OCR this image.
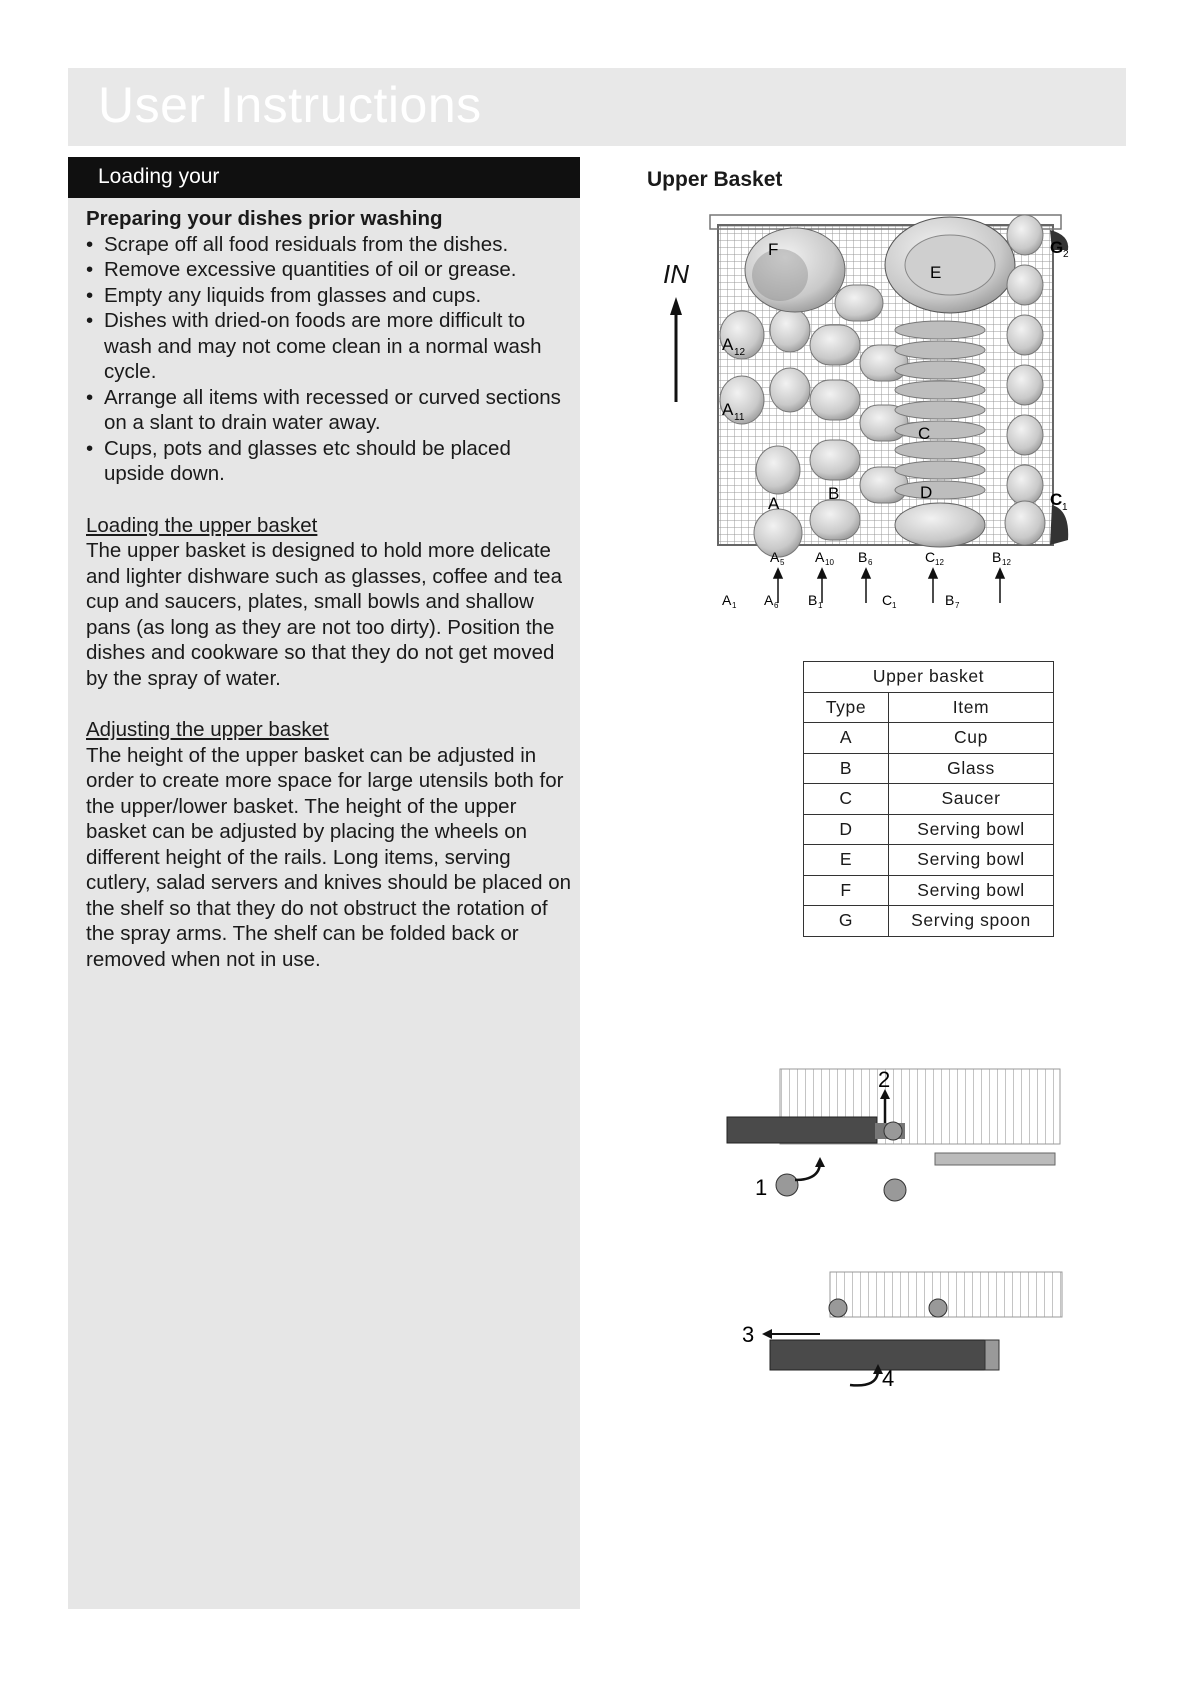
User Instructions
Loading your

Preparing your dishes prior washing

• Scrape off all food residuals from the dishes.
• Remove excessive quantities of oil or grease.
• Empty any liquids from glasses and cups.
• Dishes with dried-on foods are more difficult to wash and may not come clean in a normal wash cycle.
• Arrange all items with recessed or curved sections on a slant to drain water away.
• Cups, pots and glasses etc should be placed upside down.

Loading the upper basket

The upper basket is designed to hold more delicate and lighter dishware such as glasses, coffee and tea cup and saucers, plates, small bowls and shallow pans (as long as they are not too dirty). Position the dishes and cookware so that they do not get moved by the spray of water.

Adjusting the upper basket

The height of the upper basket can be adjusted in order to create more space for large utensils both for the upper/lower basket. The height of the upper basket can be adjusted by placing the wheels on different height of the rails. Long items, serving cutlery, salad servers and knives should be placed on the shelf so that they do not obstruct the rotation of the spray arms. The shelf can be folded back or removed when not in use.

Upper Basket
IN
F
E
G 2
A 12
A 11
C
D
A
B	C 1
A 5 A 10 B 6	C 12	B 12
A 1 A 6 B 1	C 1	B 7
Upper basket	
Type	Item
A	Cup
B	Glass
C	Saucer
D	Serving bowl
E	Serving bowl
F	Serving bowl
G	Serving spoon
1
2
3
4
